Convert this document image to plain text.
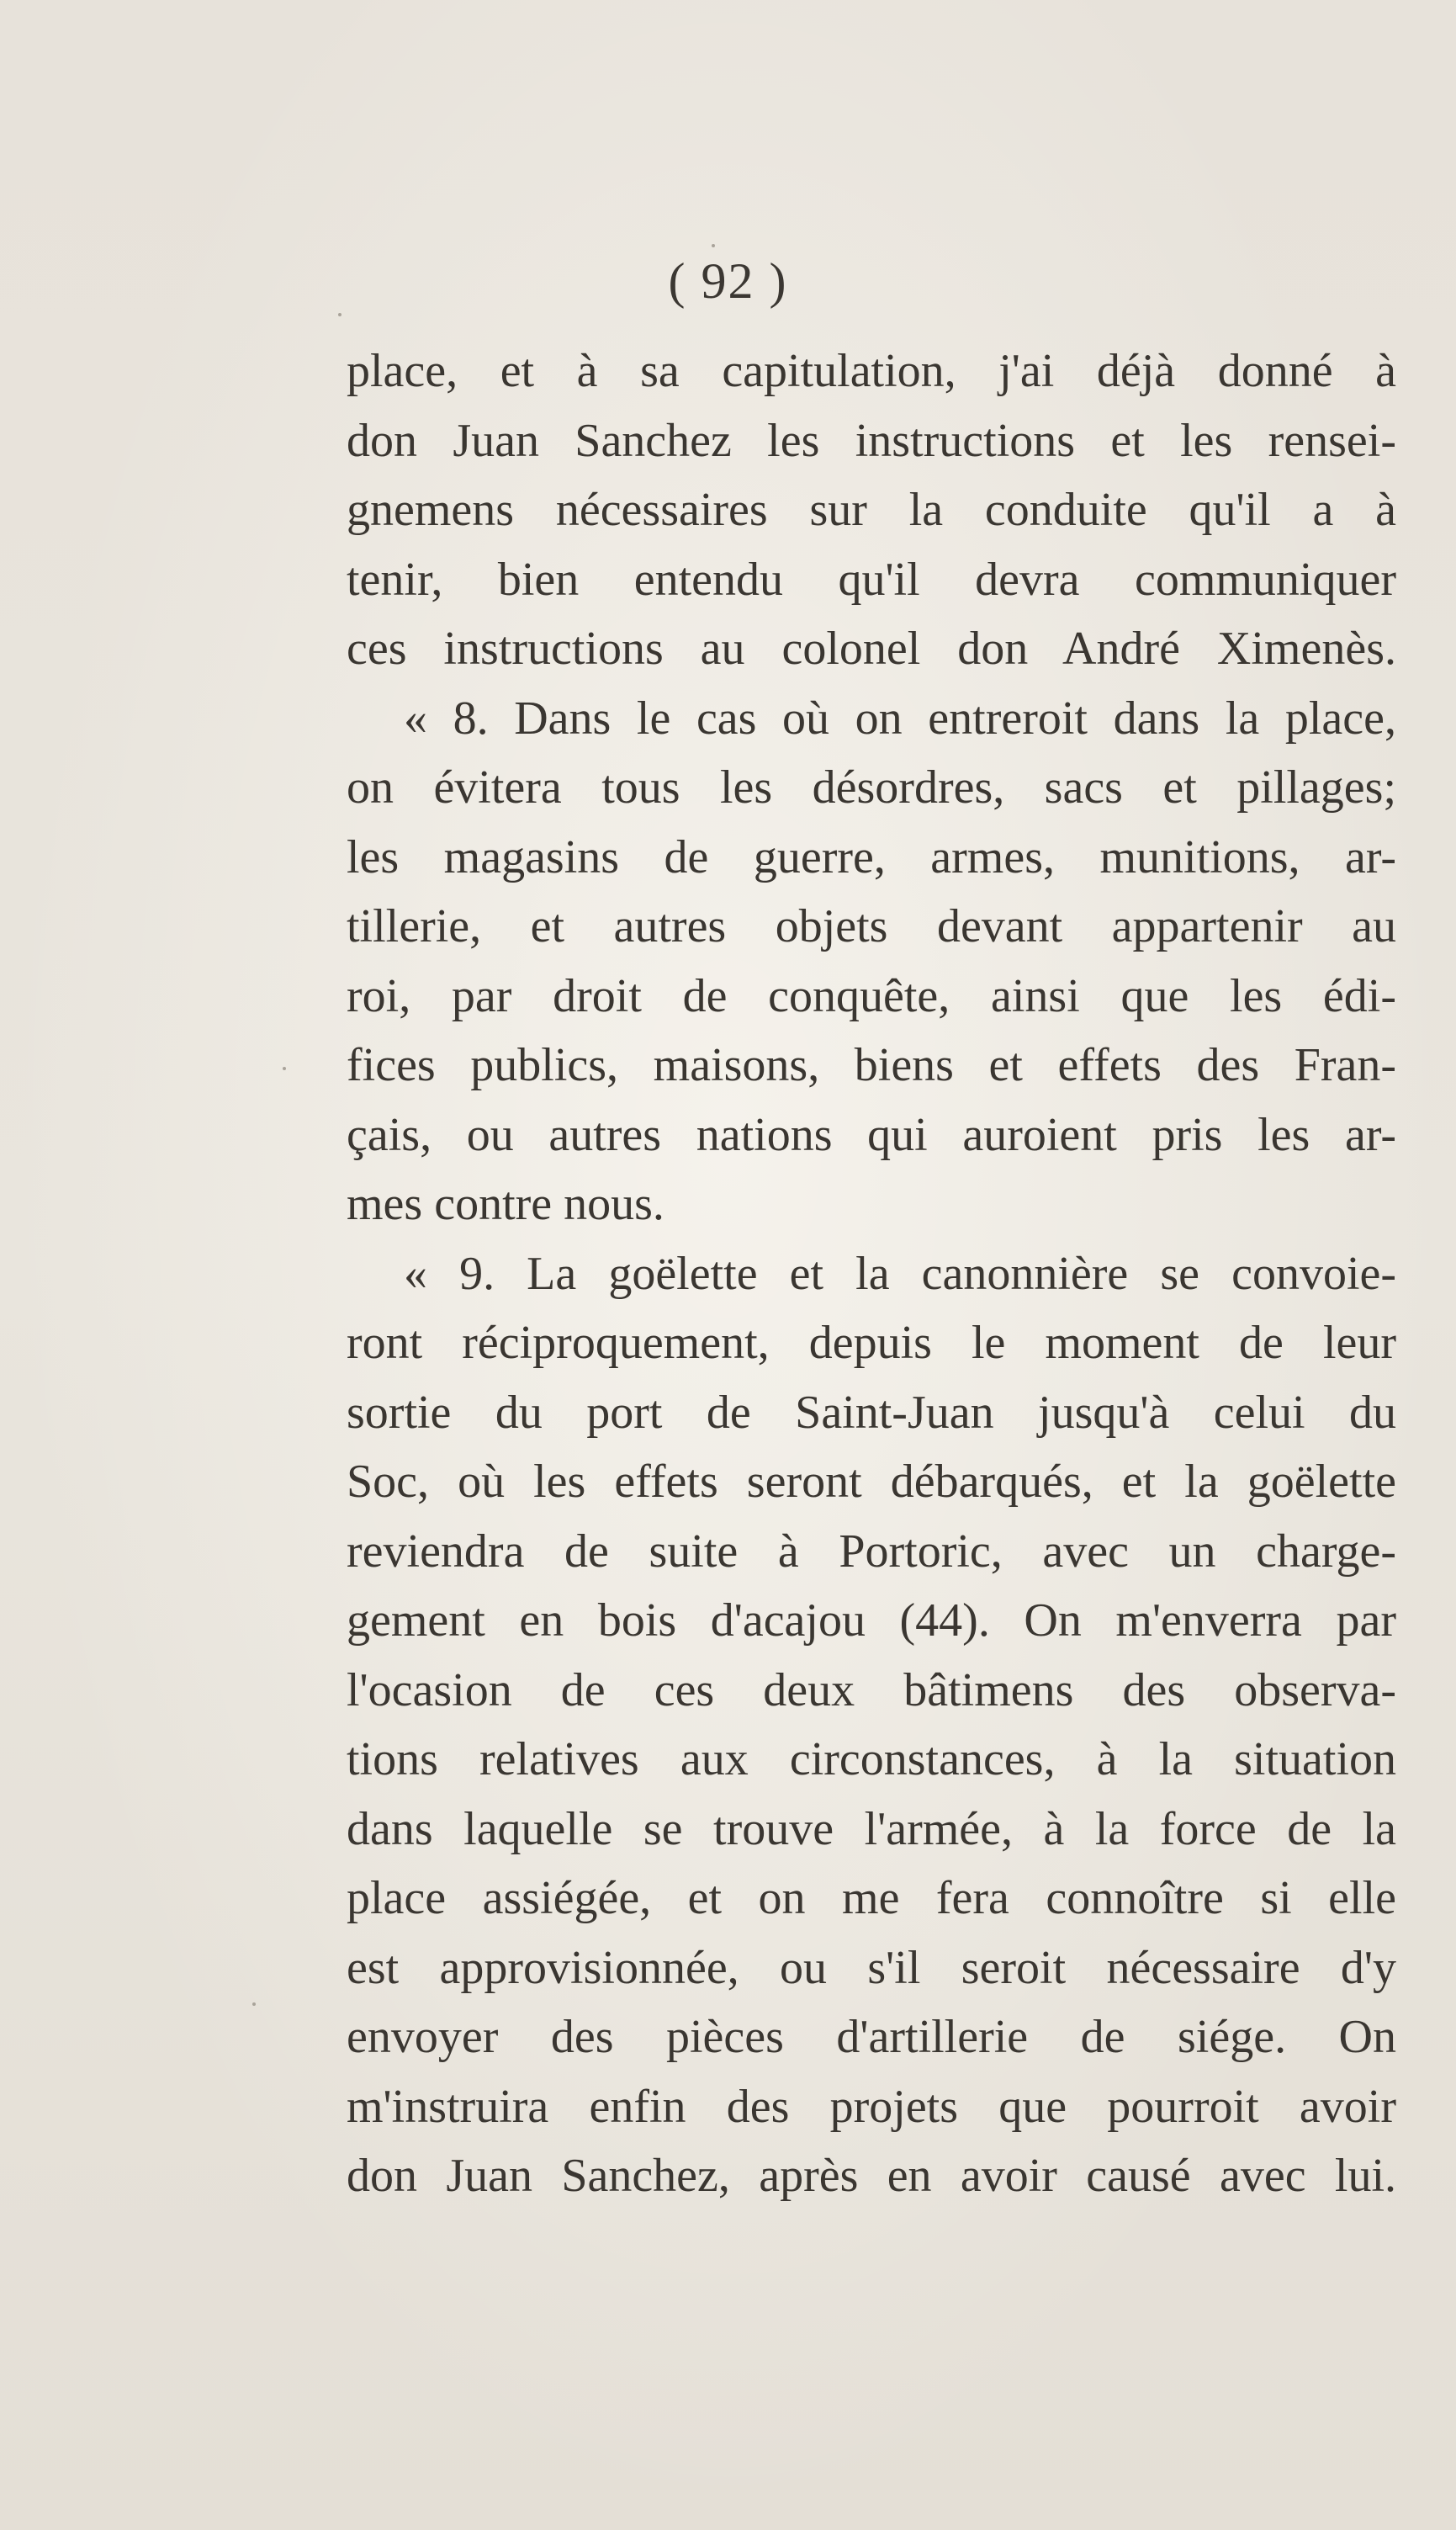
( 92 )
place, et à sa capitulation, j'ai déjà donné à
don Juan Sanchez les instructions et les rensei-
gnemens nécessaires sur la conduite qu'il a à
tenir, bien entendu qu'il devra communiquer
ces instructions au colonel don André Ximenès.
« 8. Dans le cas où on entreroit dans la place,
on évitera tous les désordres, sacs et pillages;
les magasins de guerre, armes, munitions, ar-
tillerie, et autres objets devant appartenir au
roi, par droit de conquête, ainsi que les édi-
fices publics, maisons, biens et effets des Fran-
çais, ou autres nations qui auroient pris les ar-
mes contre nous.
« 9. La goëlette et la canonnière se convoie-
ront réciproquement, depuis le moment de leur
sortie du port de Saint-Juan jusqu'à celui du
Soc, où les effets seront débarqués, et la goëlette
reviendra de suite à Portoric, avec un charge-
gement en bois d'acajou (44). On m'enverra par
l'ocasion de ces deux bâtimens des observa-
tions relatives aux circonstances, à la situation
dans laquelle se trouve l'armée, à la force de la
place assiégée, et on me fera connoître si elle
est approvisionnée, ou s'il seroit nécessaire d'y
envoyer des pièces d'artillerie de siége. On
m'instruira enfin des projets que pourroit avoir
don Juan Sanchez, après en avoir causé avec lui.
